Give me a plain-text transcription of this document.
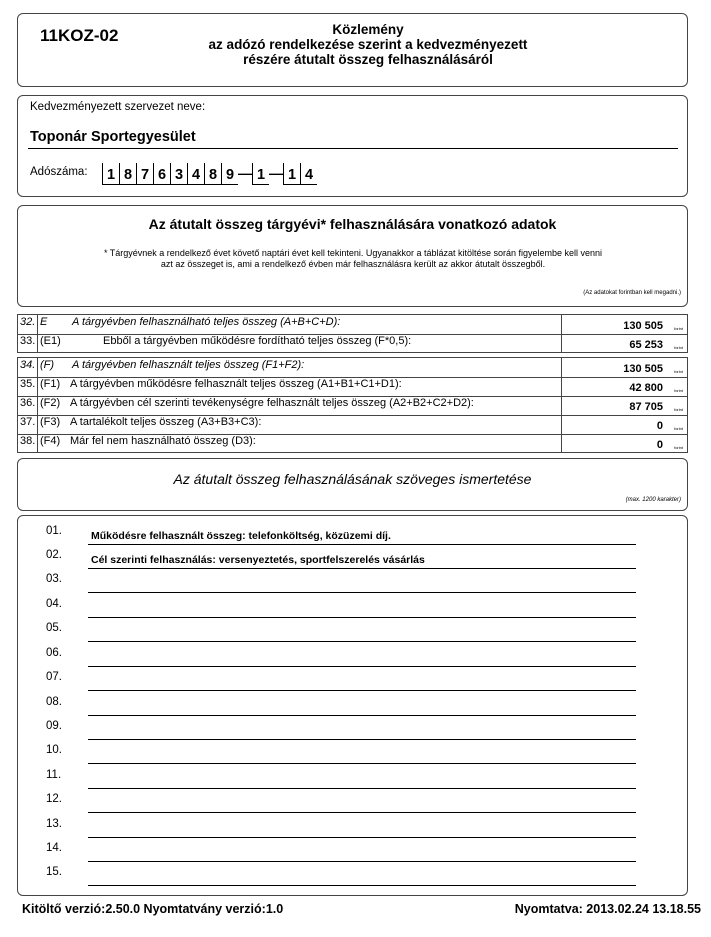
11KOZ-02	Közlemény
az adózó rendelkezése szerint a kedvezményezett
részére átutalt összeg felhasználásáról
Kedvezményezett szervezet neve:
Toponár Sportegyesület
Adószáma:	1 8 7 6 3 4 8 9 — 1 — 1 4
Az átutalt összeg tárgyévi* felhasználására vonatkozó adatok
* Tárgyévnek a rendelkező évet követő naptári évet kell tekinteni. Ugyanakkor a táblázat kitöltése során figyelembe kell venni
azt az összeget is, ami a rendelkező évben már felhasználásra került az akkor átutalt összegből.
(Az adatokat forintban kell megadni.)
32. E A tárgyévben felhasználható teljes összeg (A+B+C+D):	130 505	forint
33. (E1)	Ebből a tárgyévben működésre fordítható teljes összeg (F*0,5):	65 253	forint
34. (F) A tárgyévben felhasznált teljes összeg (F1+F2):	130 505	forint
35. (F1) A tárgyévben működésre felhasznált teljes összeg (A1+B1+C1+D1):	42 800	forint
36. (F2) A tárgyévben cél szerinti tevékenységre felhasznált teljes összeg (A2+B2+C2+D2):	87 705	forint
37. (F3) A tartalékolt teljes összeg (A3+B3+C3):	0	forint
38. (F4) Már fel nem használható összeg (D3):	0	forint
Az átutalt összeg felhasználásának szöveges ismertetése
(max. 1200 karakter)
01.	Működésre felhasznált összeg: telefonköltség, közüzemi díj.
02.	Cél szerinti felhasználás: versenyeztetés, sportfelszerelés vásárlás
03.
04.
05.
06.
07.
08.
09.
10.
11.
12.
13.
14.
15.
Kitöltő verzió:2.50.0 Nyomtatvány verzió:1.0	Nyomtatva: 2013.02.24 13.18.55
